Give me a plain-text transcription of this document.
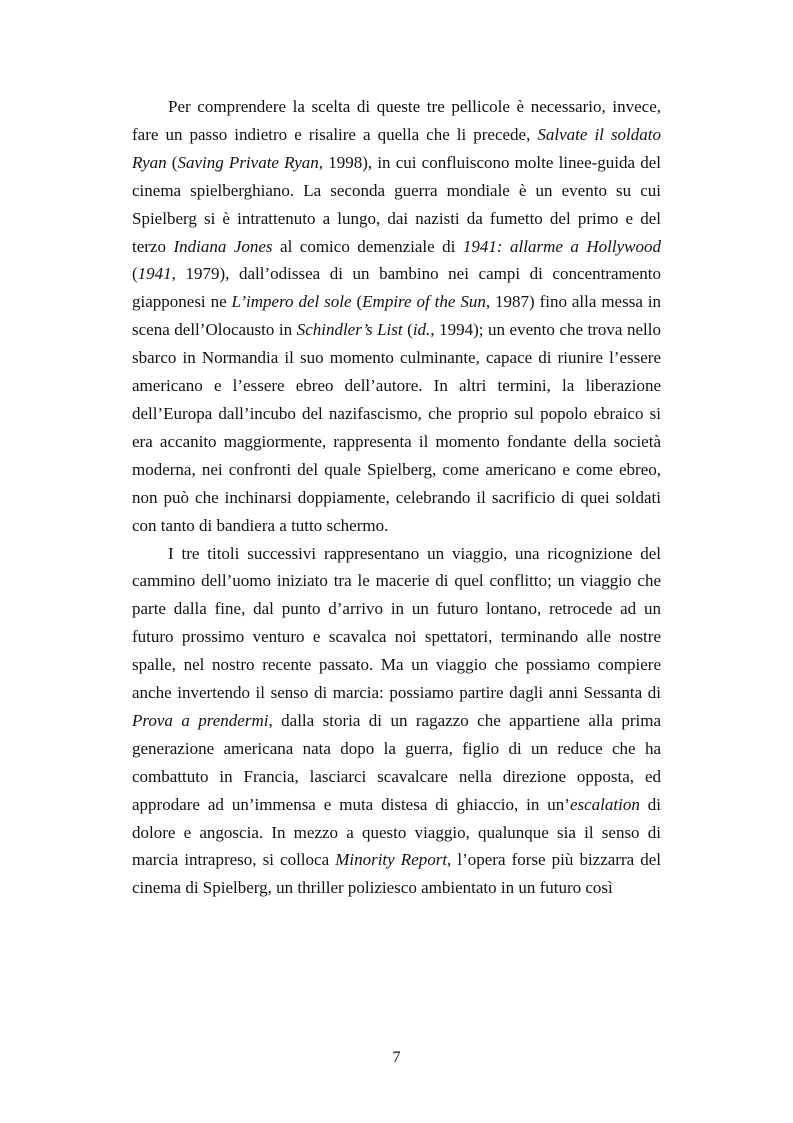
Per comprendere la scelta di queste tre pellicole è necessario, invece, fare un passo indietro e risalire a quella che li precede, Salvate il soldato Ryan (Saving Private Ryan, 1998), in cui confluiscono molte linee-guida del cinema spielberghiano. La seconda guerra mondiale è un evento su cui Spielberg si è intrattenuto a lungo, dai nazisti da fumetto del primo e del terzo Indiana Jones al comico demenziale di 1941: allarme a Hollywood (1941, 1979), dall’odissea di un bambino nei campi di concentramento giapponesi ne L’impero del sole (Empire of the Sun, 1987) fino alla messa in scena dell’Olocausto in Schindler’s List (id., 1994); un evento che trova nello sbarco in Normandia il suo momento culminante, capace di riunire l’essere americano e l’essere ebreo dell’autore. In altri termini, la liberazione dell’Europa dall’incubo del nazifascismo, che proprio sul popolo ebraico si era accanito maggiormente, rappresenta il momento fondante della società moderna, nei confronti del quale Spielberg, come americano e come ebreo, non può che inchinarsi doppiamente, celebrando il sacrificio di quei soldati con tanto di bandiera a tutto schermo.

I tre titoli successivi rappresentano un viaggio, una ricognizione del cammino dell’uomo iniziato tra le macerie di quel conflitto; un viaggio che parte dalla fine, dal punto d’arrivo in un futuro lontano, retrocede ad un futuro prossimo venturo e scavalca noi spettatori, terminando alle nostre spalle, nel nostro recente passato. Ma un viaggio che possiamo compiere anche invertendo il senso di marcia: possiamo partire dagli anni Sessanta di Prova a prendermi, dalla storia di un ragazzo che appartiene alla prima generazione americana nata dopo la guerra, figlio di un reduce che ha combattuto in Francia, lasciarci scavalcare nella direzione opposta, ed approdare ad un’immensa e muta distesa di ghiaccio, in un’escalation di dolore e angoscia. In mezzo a questo viaggio, qualunque sia il senso di marcia intrapreso, si colloca Minority Report, l’opera forse più bizzarra del cinema di Spielberg, un thriller poliziesco ambientato in un futuro così

7
